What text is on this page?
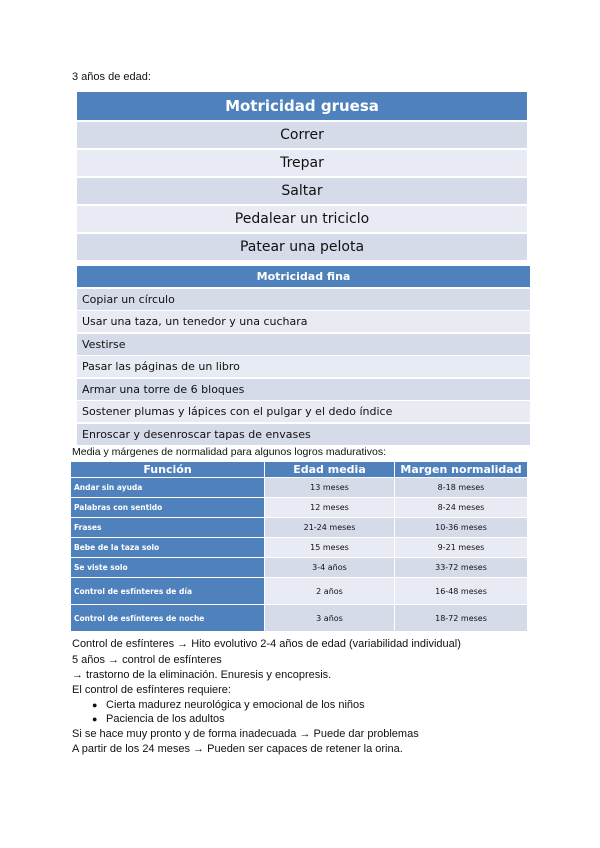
3 años de edad:
Motricidad gruesa
Correr
Trepar
Saltar
Pedalear un triciclo
Patear una pelota
Motricidad fina
Copiar un círculo
Usar una taza, un tenedor y una cuchara
Vestirse
Pasar las páginas de un libro
Armar una torre de 6 bloques
Sostener plumas y lápices con el pulgar y el dedo índice
Enroscar y desenroscar tapas de envases
Media y márgenes de normalidad para algunos logros madurativos:
Función	Edad media	Margen normalidad
Andar sin ayuda	13 meses	8-18 meses
Palabras con sentido	12 meses	8-24 meses
Frases	21-24 meses	10-36 meses
Bebe de la taza solo	15 meses	9-21 meses
Se viste solo	3-4 años	33-72 meses
Control de esfínteres de día	2 años	16-48 meses
Control de esfínteres de noche	3 años	18-72 meses
Control de esfínteres → Hito evolutivo 2-4 años de edad (variabilidad individual)
5 años → control de esfínteres
→ trastorno de la eliminación. Enuresis y encopresis.
El control de esfínteres requiere:
● Cierta madurez neurológica y emocional de los niños
● Paciencia de los adultos
Si se hace muy pronto y de forma inadecuada → Puede dar problemas
A partir de los 24 meses → Pueden ser capaces de retener la orina.
